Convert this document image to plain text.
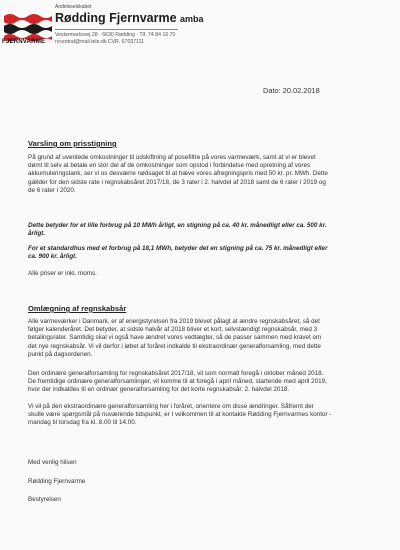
FJERNVARME
Andelsselskabet
Rødding Fjernvarme amba
Vestermarksvej 28 · 6630 Rødding · Tlf. 74 84 16 70
rvcentral@mail.tele.dk CVR. 67037111
Dato: 20.02.2018
Varsling om prisstigning
På grund af uventede omkostninger til udskiftning af posefiltre på vores varmeværk, samt at vi er blevet
dømt til selv at betale en stor del af de omkostninger som opstod i forbindelse med opretning af vores
akkumuleringstank, ser vi os desværre nødsaget til at hæve vores afregningspris med 50 kr. pr. MWh. Dette
gælder for den sidste rate i regnskabsåret 2017/18, de 3 rater i 2. halvdel af 2018 samt de 6 rater i 2019 og
de 6 rater i 2020.
Dette betyder for et lille forbrug på 10 MWh årligt, en stigning på ca. 40 kr. månedligt eller ca. 500 kr.
årligt.
For et standardhus med et forbrug på 18,1 MWh, betyder det en stigning på ca. 75 kr. månedligt eller
ca. 900 kr. årligt.
Alle priser er inkl. moms.
Omlægning af regnskabsår
Alle varmeværker i Danmark, er af energistyrelsen fra 2019 blevet pålagt at ændre regnskabsåret, så det
følger kalenderåret. Det betyder, at sidste halvår af 2018 bliver et kort, selvstændigt regnskabsår, med 3
betalingsrater. Samtidig skal vi også have ændret vores vedtægter, så de passer sammen med kravet om
det nye regnskabsår. Vi vil derfor i løbet af foråret indkalde til ekstraordinær generalforsamling, med dette
punkt på dagsordenen.
Den ordinære generalforsamling for regnskabsåret 2017/18, vil som normalt foregå i oktober måned 2018.
De fremtidige ordinære generalforsamlinger, vil komme til at foregå i april måned, startende med april 2019,
hvor der indkaldes til en ordinær generalforsamling for det korte regnskabsår. 2. halvdel 2018.
Vi vil på den ekstraordinære generalforsamling her i foråret, orientere om disse ændringer. Såfremt der
skulle være spørgsmål på nuværende tidspunkt, er I velkommen til at kontakte Rødding Fjernvarmes kontor -
mandag til torsdag fra kl. 8.00 til 14.00.
Med venlig hilsen
Rødding Fjernvarme
Bestyrelsen
